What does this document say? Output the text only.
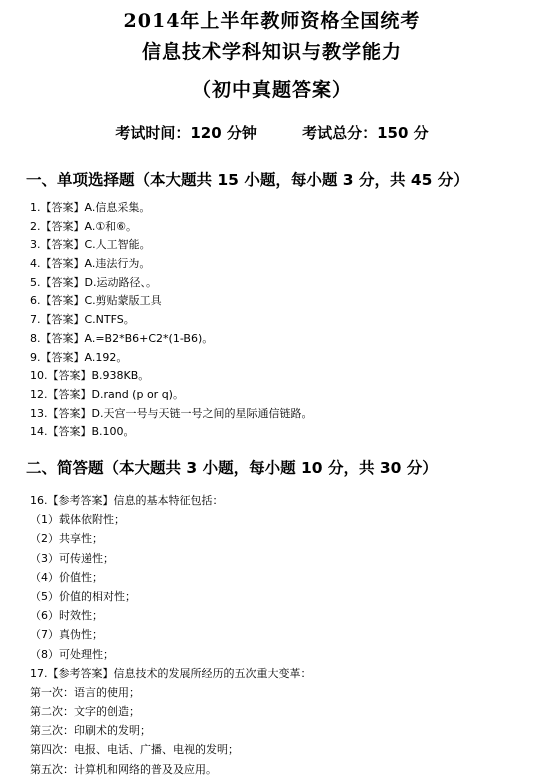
2014年上半年教师资格全国统考
信息技术学科知识与教学能力
（初中真题答案）
考试时间：120 分钟	考试总分：150 分
一、单项选择题（本大题共 15 小题，每小题 3 分，共 45 分）
1.【答案】A.信息采集。
2.【答案】A.①和⑥。
3.【答案】C.人工智能。
4.【答案】A.违法行为。
5.【答案】D.运动路径、。
6.【答案】C.剪贴蒙版工具
7.【答案】C.NTFS。
8.【答案】A.=B2*B6+C2*(1-B6)。
9.【答案】A.192。
10.【答案】B.938KB。
12.【答案】D.rand (p or q)。
13.【答案】D.天宫一号与天链一号之间的星际通信链路。
14.【答案】B.100。
二、简答题（本大题共 3 小题，每小题 10 分，共 30 分）
16.【参考答案】信息的基本特征包括：
（1）载体依附性；
（2）共享性；
（3）可传递性；
（4）价值性；
（5）价值的相对性；
（6）时效性；
（7）真伪性；
（8）可处理性；
17.【参考答案】信息技术的发展所经历的五次重大变革：
第一次：语言的使用；
第二次：文字的创造；
第三次：印刷术的发明；
第四次：电报、电话、广播、电视的发明；
第五次：计算机和网络的普及及应用。
